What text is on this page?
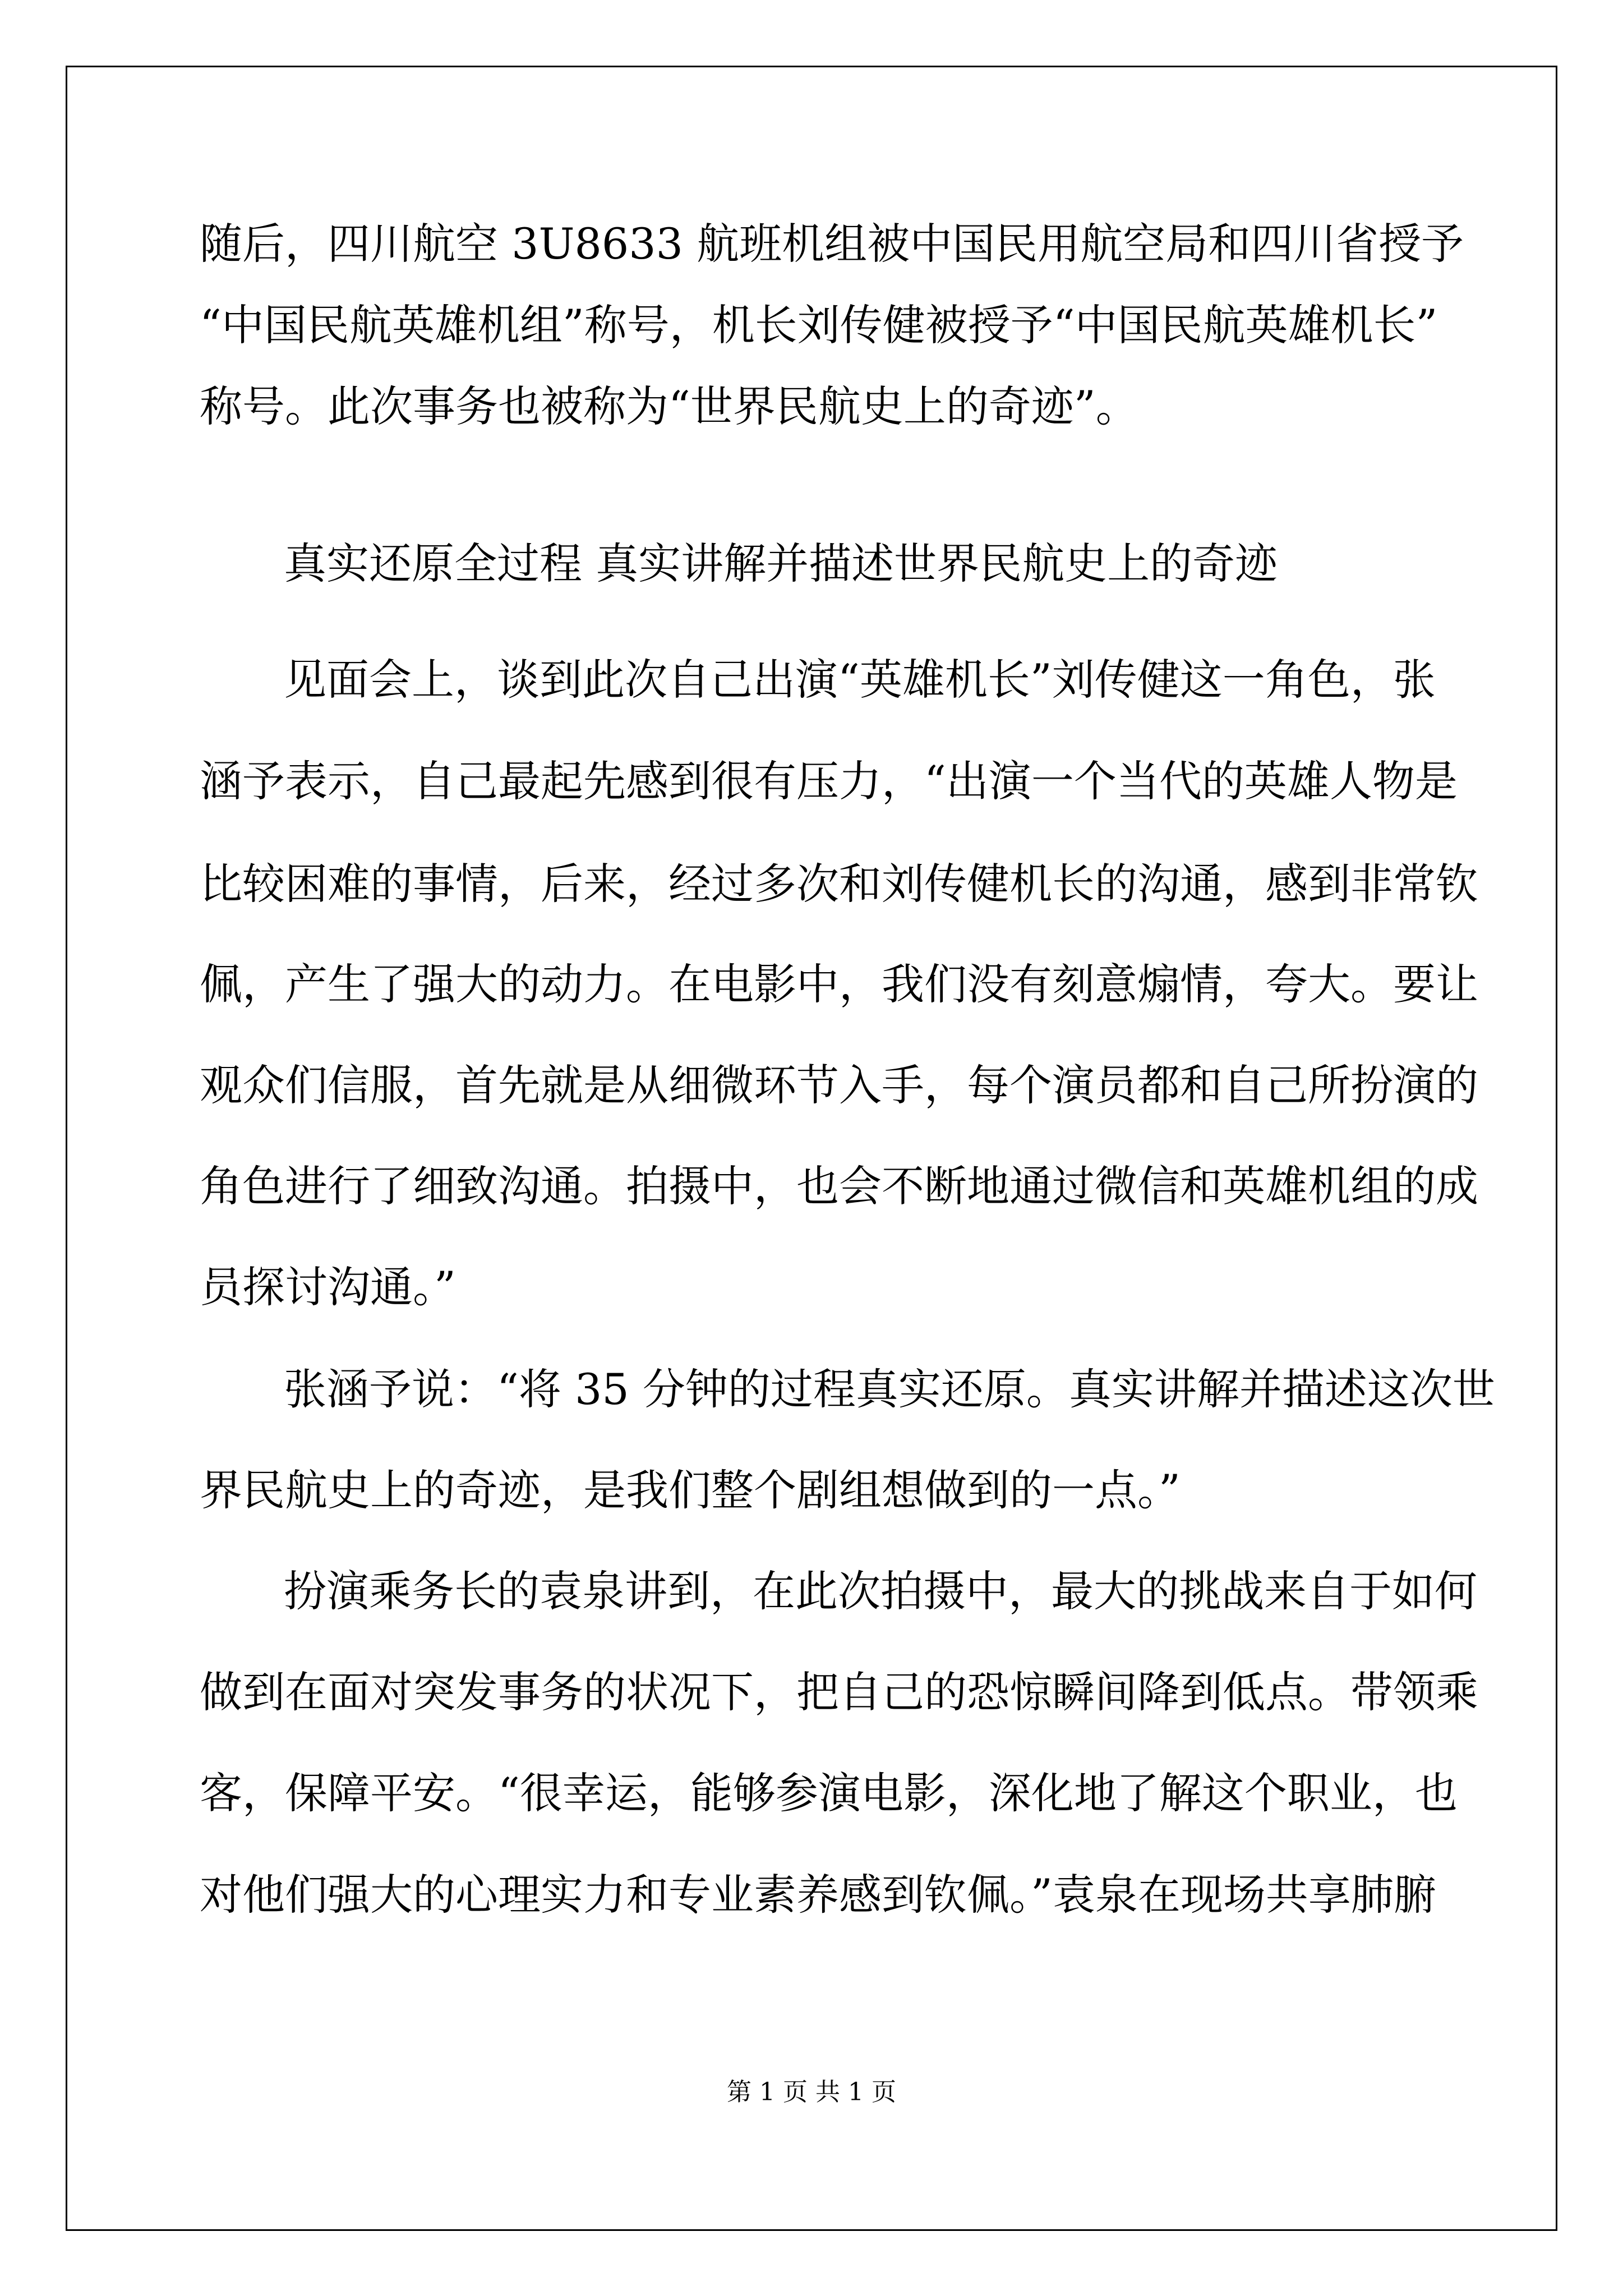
随后，四川航空 3U8633 航班机组被中国民用航空局和四川省授予
“中国民航英雄机组”称号，机长刘传健被授予“中国民航英雄机长”
称号。此次事务也被称为“世界民航史上的奇迹”。
真实还原全过程 真实讲解并描述世界民航史上的奇迹
见面会上，谈到此次自己出演“英雄机长”刘传健这一角色，张
涵予表示，自己最起先感到很有压力，“出演一个当代的英雄人物是
比较困难的事情，后来，经过多次和刘传健机长的沟通，感到非常钦
佩，产生了强大的动力。在电影中，我们没有刻意煽情，夸大。要让
观众们信服，首先就是从细微环节入手，每个演员都和自己所扮演的
角色进行了细致沟通。拍摄中，也会不断地通过微信和英雄机组的成
员探讨沟通。”
张涵予说：“将 35 分钟的过程真实还原。真实讲解并描述这次世
界民航史上的奇迹，是我们整个剧组想做到的一点。”
扮演乘务长的袁泉讲到，在此次拍摄中，最大的挑战来自于如何
做到在面对突发事务的状况下，把自己的恐惊瞬间降到低点。带领乘
客，保障平安。“很幸运，能够参演电影，深化地了解这个职业，也
对他们强大的心理实力和专业素养感到钦佩。”袁泉在现场共享肺腑
第 1 页 共 1 页
